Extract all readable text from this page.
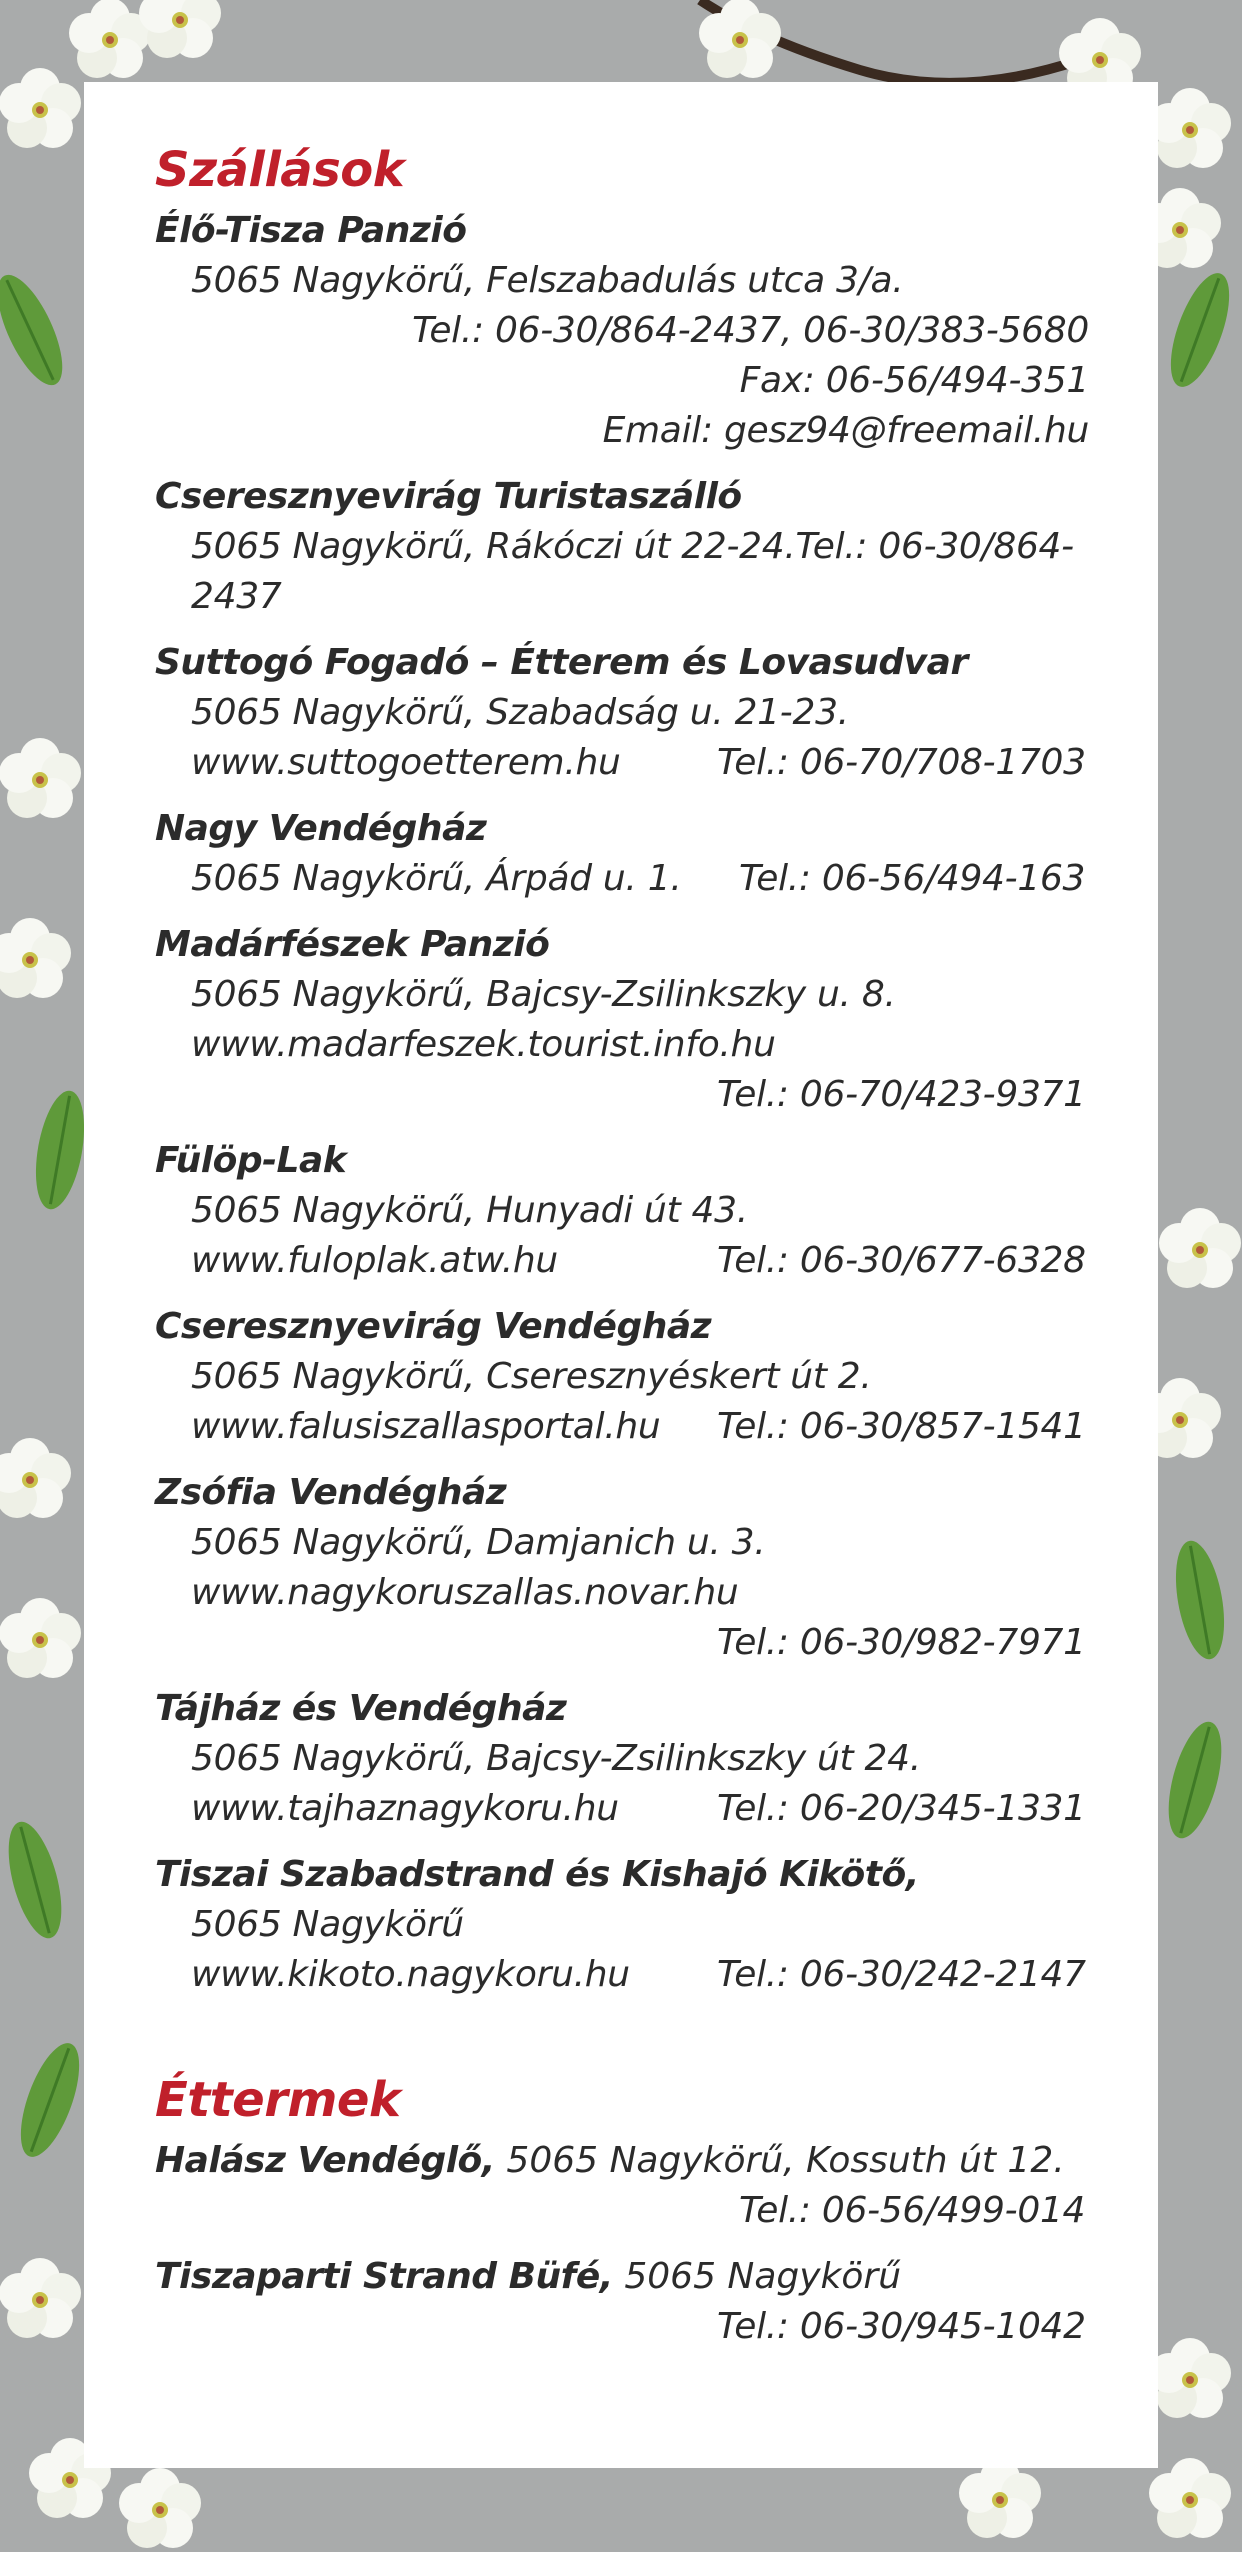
Szállások
Élő-Tisza Panzió
5065 Nagykörű, Felszabadulás utca 3/a.
Tel.: 06-30/864-2437, 06-30/383-5680
Fax: 06-56/494-351
Email: gesz94@freemail.hu
Cseresznyevirág Turistaszálló
5065 Nagykörű, Rákóczi út 22-24.Tel.: 06-30/864-
2437
Suttogó Fogadó – Étterem és Lovasudvar
5065 Nagykörű, Szabadság u. 21-23.
www.suttogoetterem.hu	Tel.: 06-70/708-1703
Nagy Vendégház
5065 Nagykörű, Árpád u. 1. Tel.: 06-56/494-163
Madárfészek Panzió
5065 Nagykörű, Bajcsy-Zsilinkszky u. 8.
www.madarfeszek.tourist.info.hu
Tel.: 06-70/423-9371
Fülöp-Lak
5065 Nagykörű, Hunyadi út 43.
www.fuloplak.atw.hu	Tel.: 06-30/677-6328
Cseresznyevirág Vendégház
5065 Nagykörű, Cseresznyéskert út 2.
www.falusiszallasportal.hu Tel.: 06-30/857-1541
Zsófia Vendégház
5065 Nagykörű, Damjanich u. 3.
www.nagykoruszallas.novar.hu
Tel.: 06-30/982-7971
Tájház és Vendégház
5065 Nagykörű, Bajcsy-Zsilinkszky út 24.
www.tajhaznagykoru.hu	Tel.: 06-20/345-1331
Tiszai Szabadstrand és Kishajó Kikötő,
5065 Nagykörű
www.kikoto.nagykoru.hu Tel.: 06-30/242-2147
Éttermek
Halász Vendéglő, 5065 Nagykörű, Kossuth út 12.
Tel.: 06-56/499-014
Tiszaparti Strand Büfé, 5065 Nagykörű
Tel.: 06-30/945-1042
